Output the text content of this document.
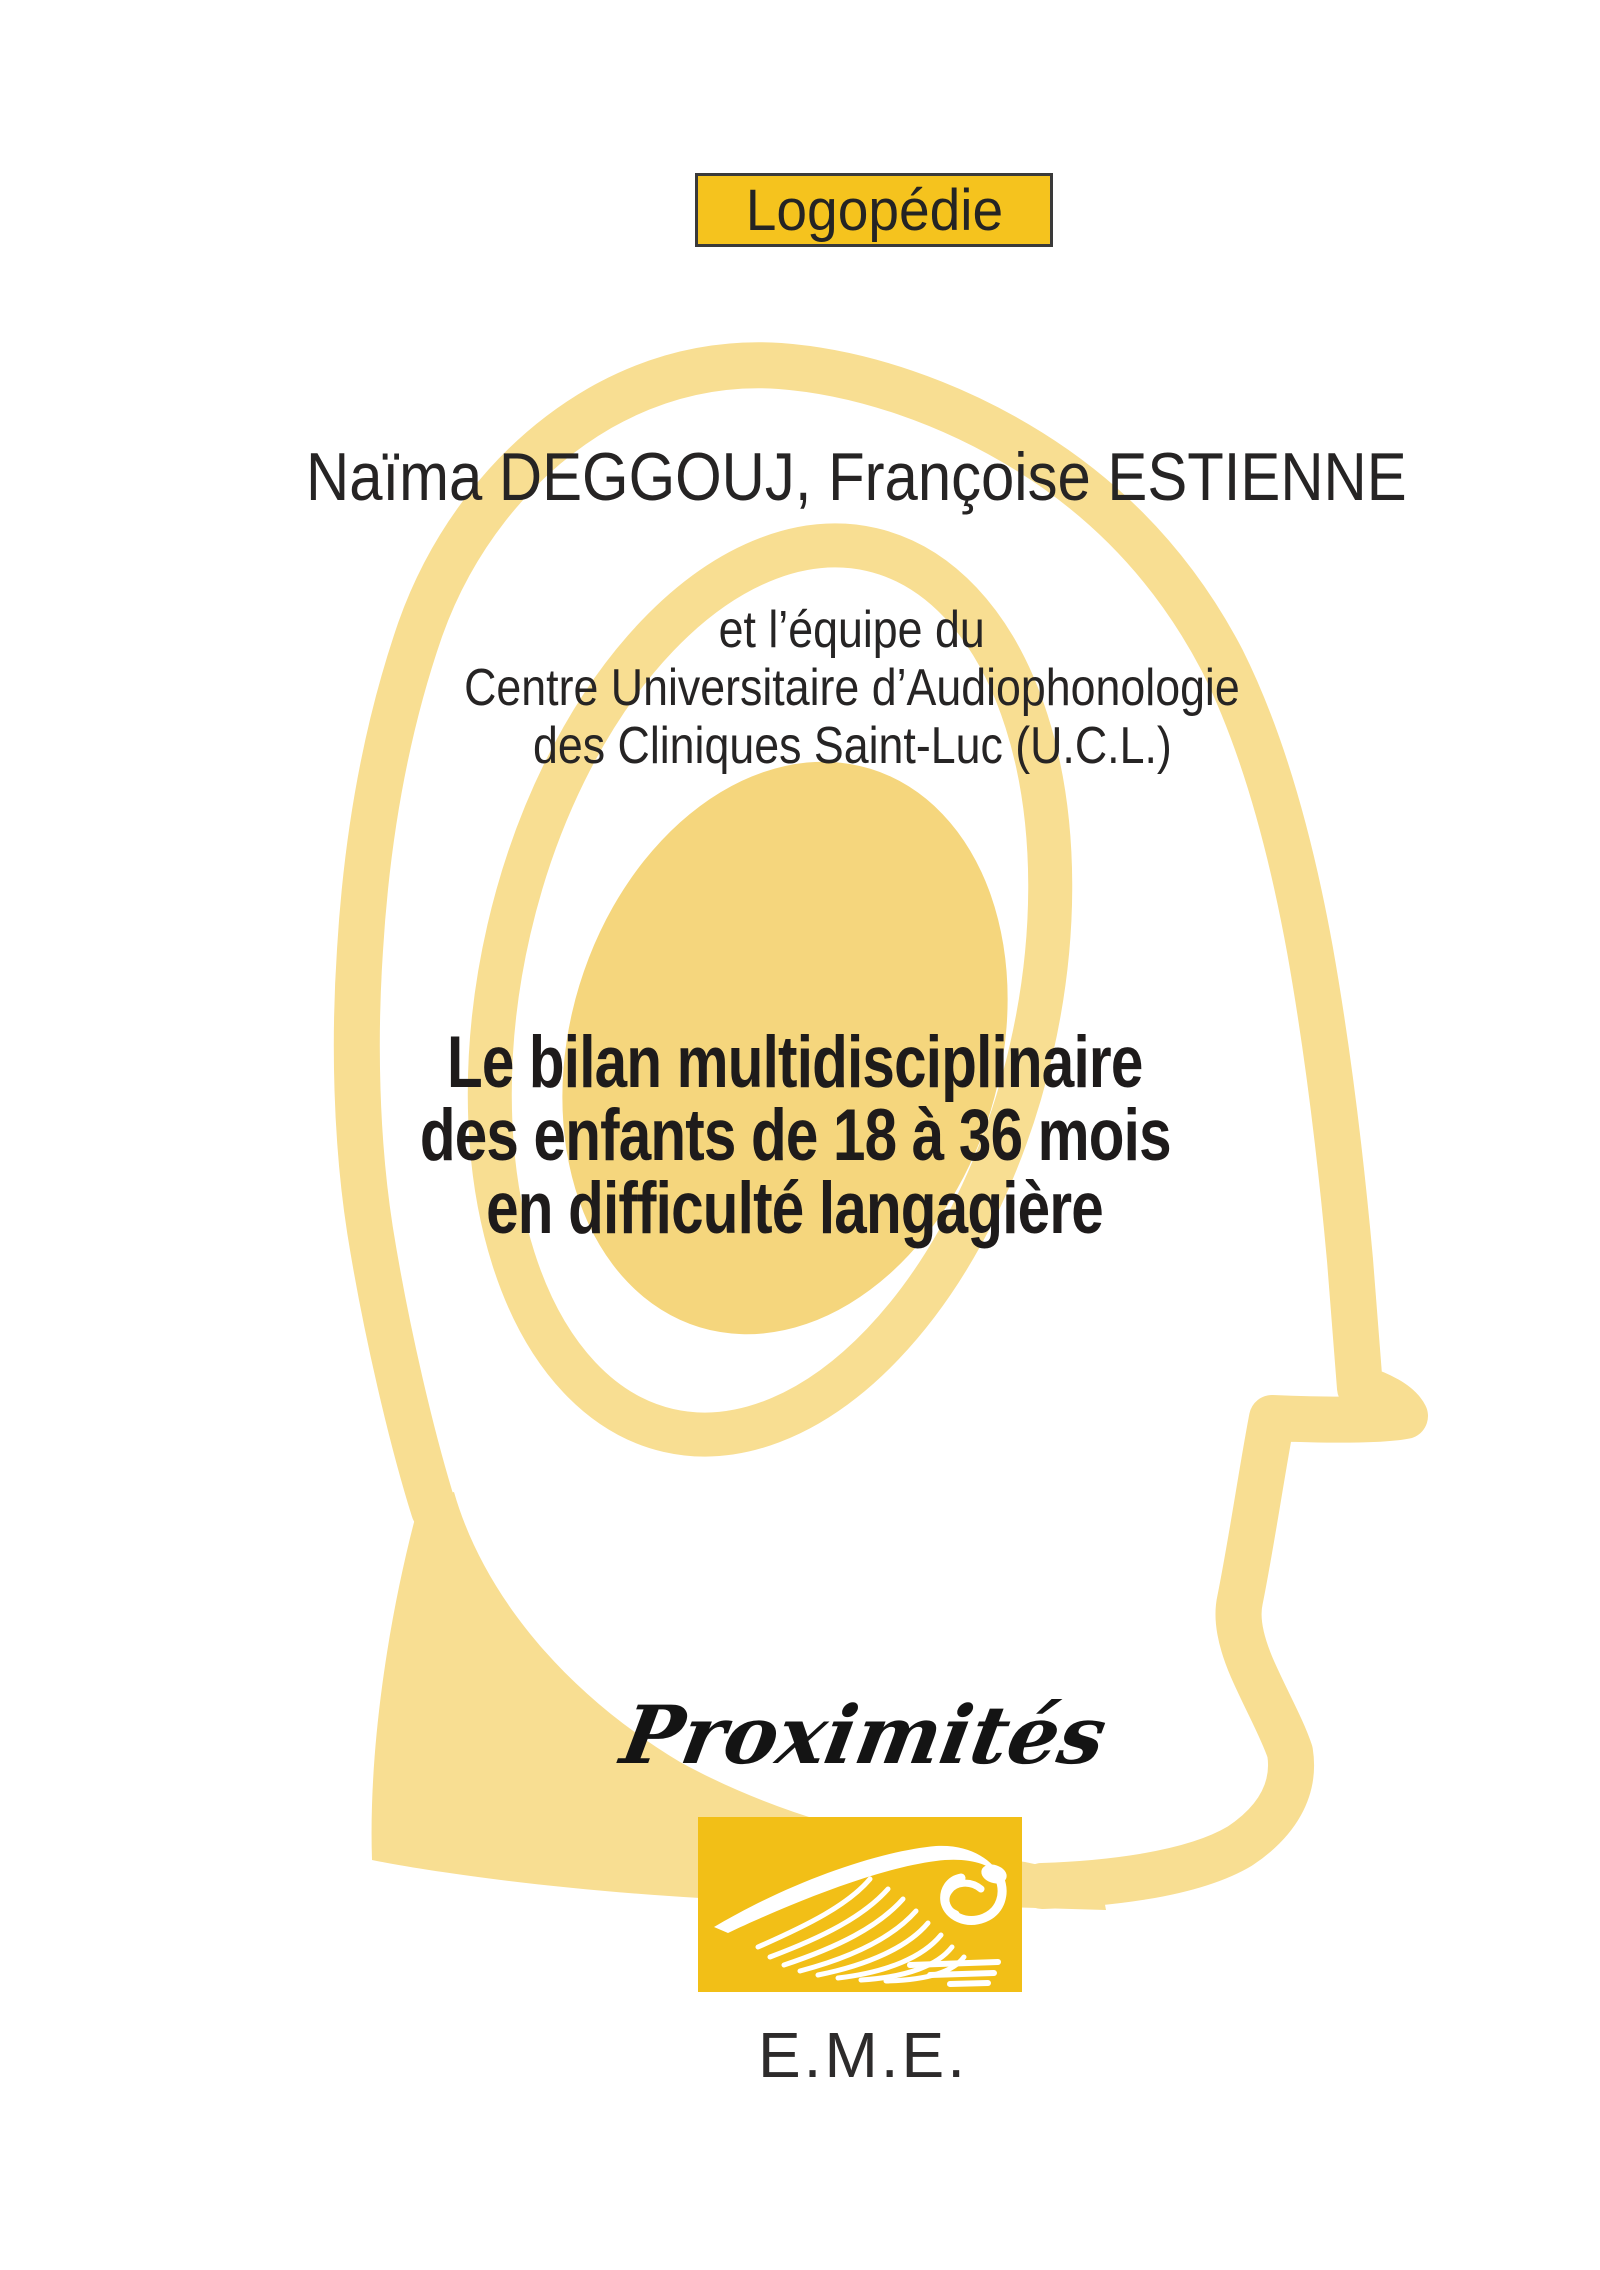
Logopédie
Naïma DEGGOUJ, Françoise ESTIENNE
et l’équipe du
Centre Universitaire d’Audiophonologie
des Cliniques Saint-Luc (U.C.L.)
Le bilan multidisciplinaire
des enfants de 18 à 36 mois
en difficulté langagière
Proximités
E.M.E.
